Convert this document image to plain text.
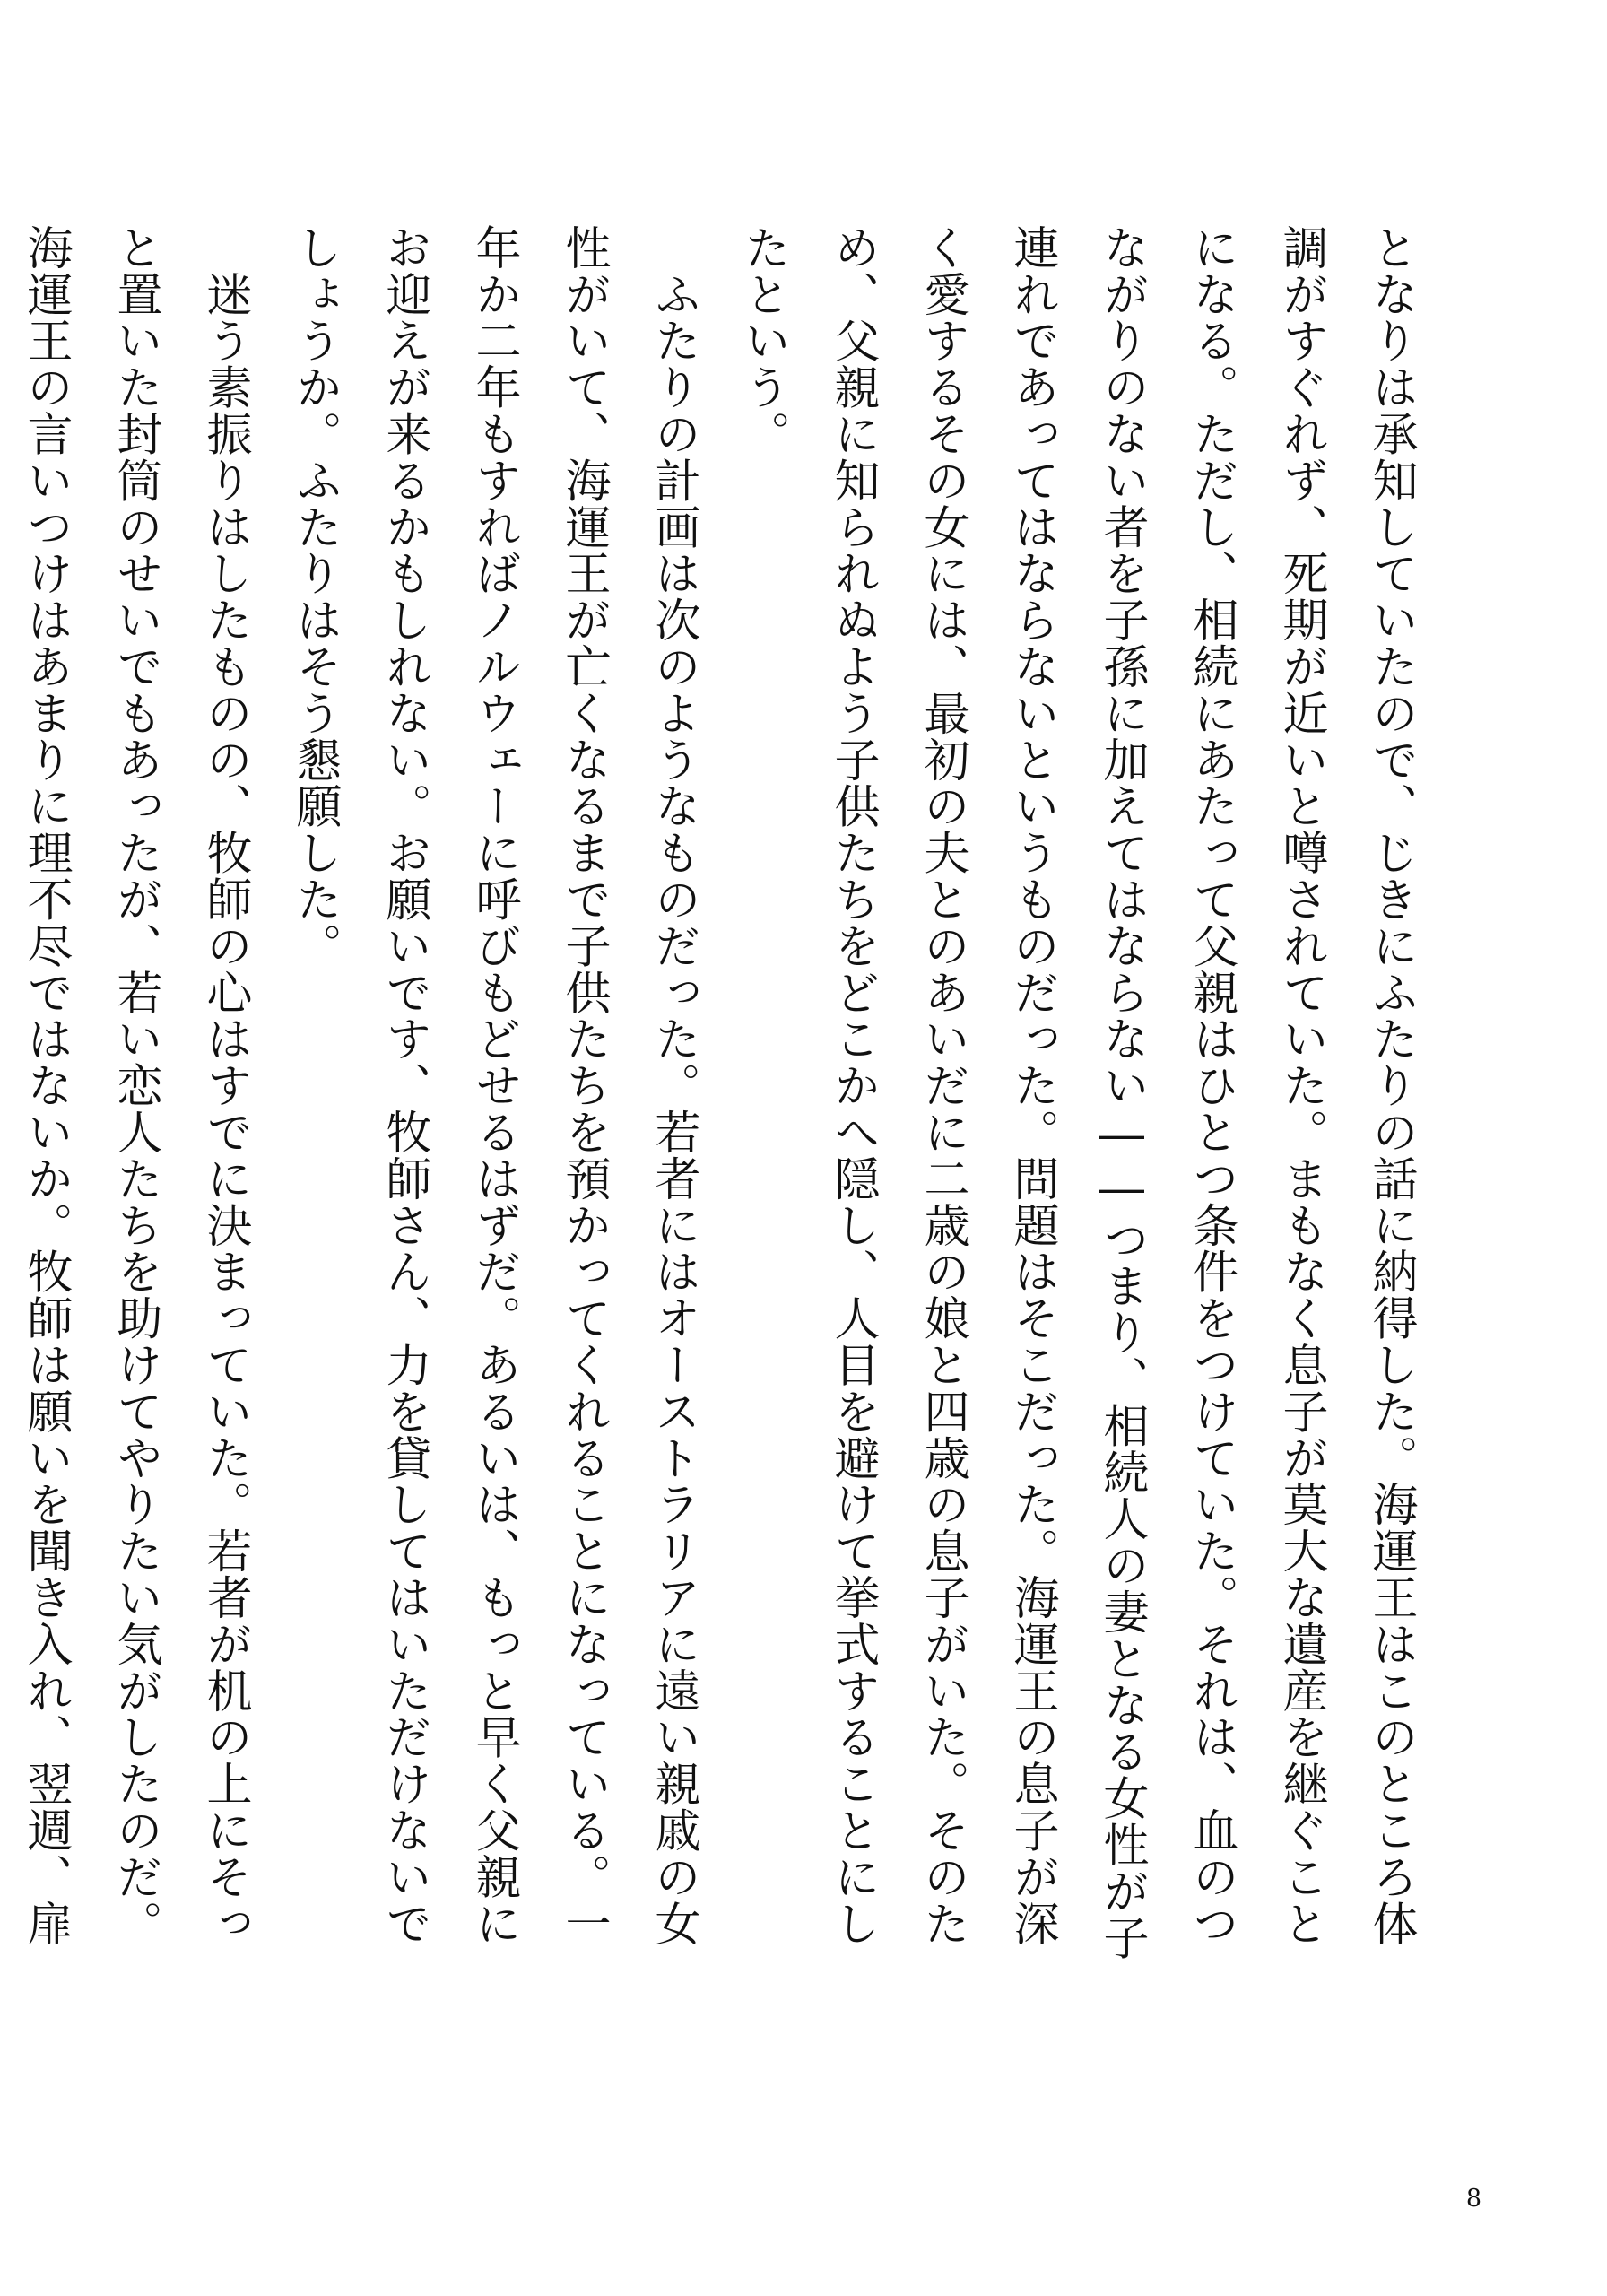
となりは承知していたので、じきにふたりの話に納得した。海運王はこのところ体調がすぐれず、死期が近いと噂されていた。まもなく息子が莫大な遺産を継ぐことになる。ただし、相続にあたって父親はひとつ条件をつけていた。それは、血のつながりのない者を子孫に加えてはならない――つまり、相続人の妻となる女性が子連れであってはならないというものだった。問題はそこだった。海運王の息子が深く愛するその女には、最初の夫とのあいだに二歳の娘と四歳の息子がいた。そのため、父親に知られぬよう子供たちをどこかへ隠し、人目を避けて挙式することにしたという。
　ふたりの計画は次のようなものだった。若者にはオーストラリアに遠い親戚の女性がいて、海運王が亡くなるまで子供たちを預かってくれることになっている。一年か二年もすればノルウェーに呼びもどせるはずだ。あるいは、もっと早く父親にお迎えが来るかもしれない。お願いです、牧師さん、力を貸してはいただけないでしょうか。ふたりはそう懇願した。
　迷う素振りはしたものの、牧師の心はすでに決まっていた。若者が机の上にそっと置いた封筒のせいでもあったが、若い恋人たちを助けてやりたい気がしたのだ。海運王の言いつけはあまりに理不尽ではないか。牧師は願いを聞き入れ、翌週、扉
8
